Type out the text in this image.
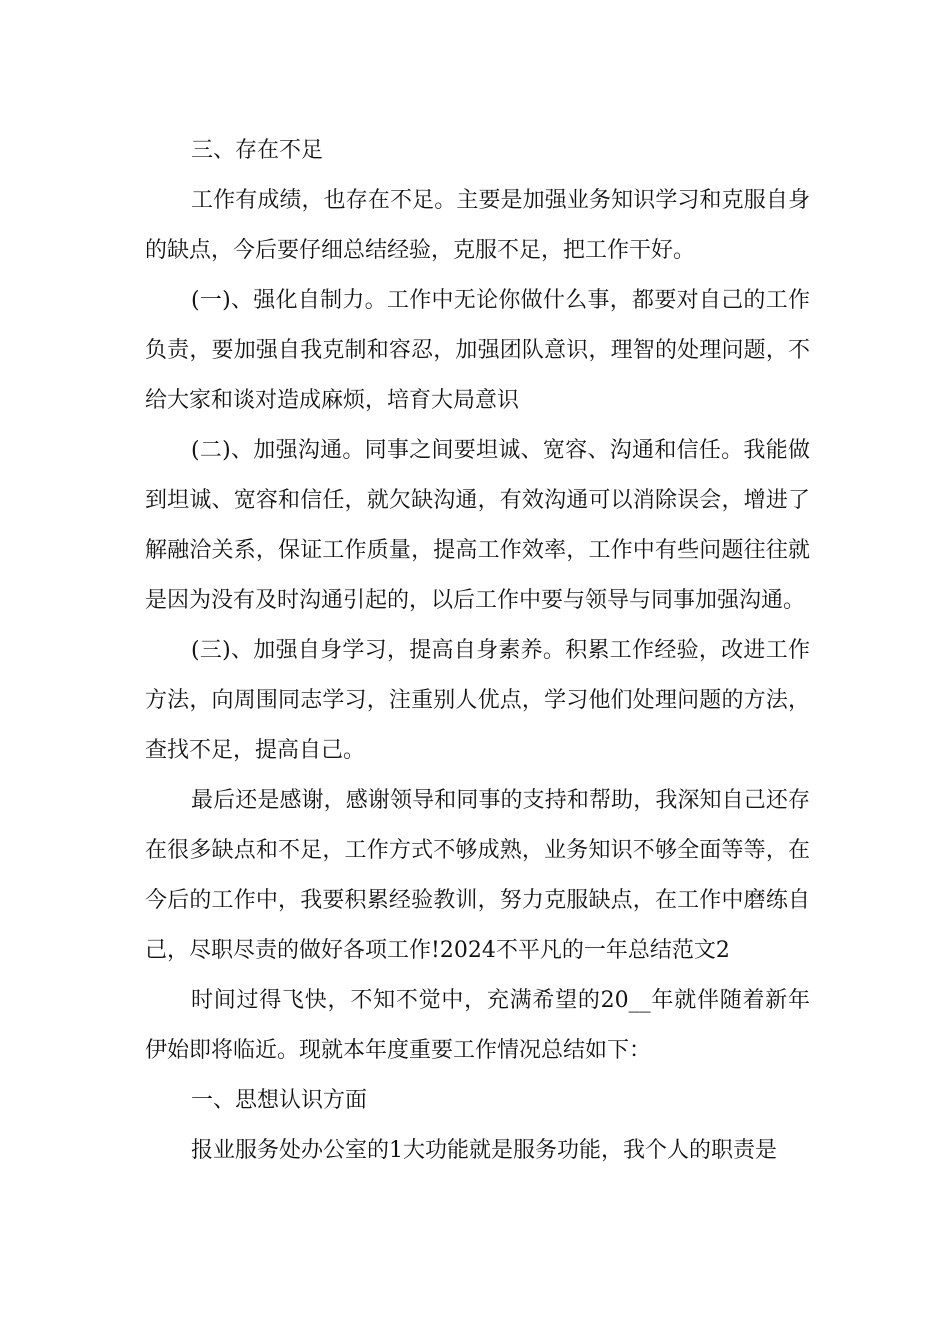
三、存在不足

工作有成绩，也存在不足。主要是加强业务知识学习和克服自身的缺点，今后要仔细总结经验，克服不足，把工作干好。

(一)、强化自制力。工作中无论你做什么事，都要对自己的工作负责，要加强自我克制和容忍，加强团队意识，理智的处理问题，不给大家和谈对造成麻烦，培育大局意识

(二)、加强沟通。同事之间要坦诚、宽容、沟通和信任。我能做到坦诚、宽容和信任，就欠缺沟通，有效沟通可以消除误会，增进了解融洽关系，保证工作质量，提高工作效率，工作中有些问题往往就是因为没有及时沟通引起的，以后工作中要与领导与同事加强沟通。

(三)、加强自身学习，提高自身素养。积累工作经验，改进工作方法，向周围同志学习，注重别人优点，学习他们处理问题的方法，查找不足，提高自己。

最后还是感谢，感谢领导和同事的支持和帮助，我深知自己还存在很多缺点和不足，工作方式不够成熟，业务知识不够全面等等，在今后的工作中，我要积累经验教训，努力克服缺点，在工作中磨练自己，尽职尽责的做好各项工作!2024不平凡的一年总结范文2

时间过得飞快，不知不觉中，充满希望的20__年就伴随着新年伊始即将临近。现就本年度重要工作情况总结如下：

一、思想认识方面

报业服务处办公室的1大功能就是服务功能，我个人的职责是
